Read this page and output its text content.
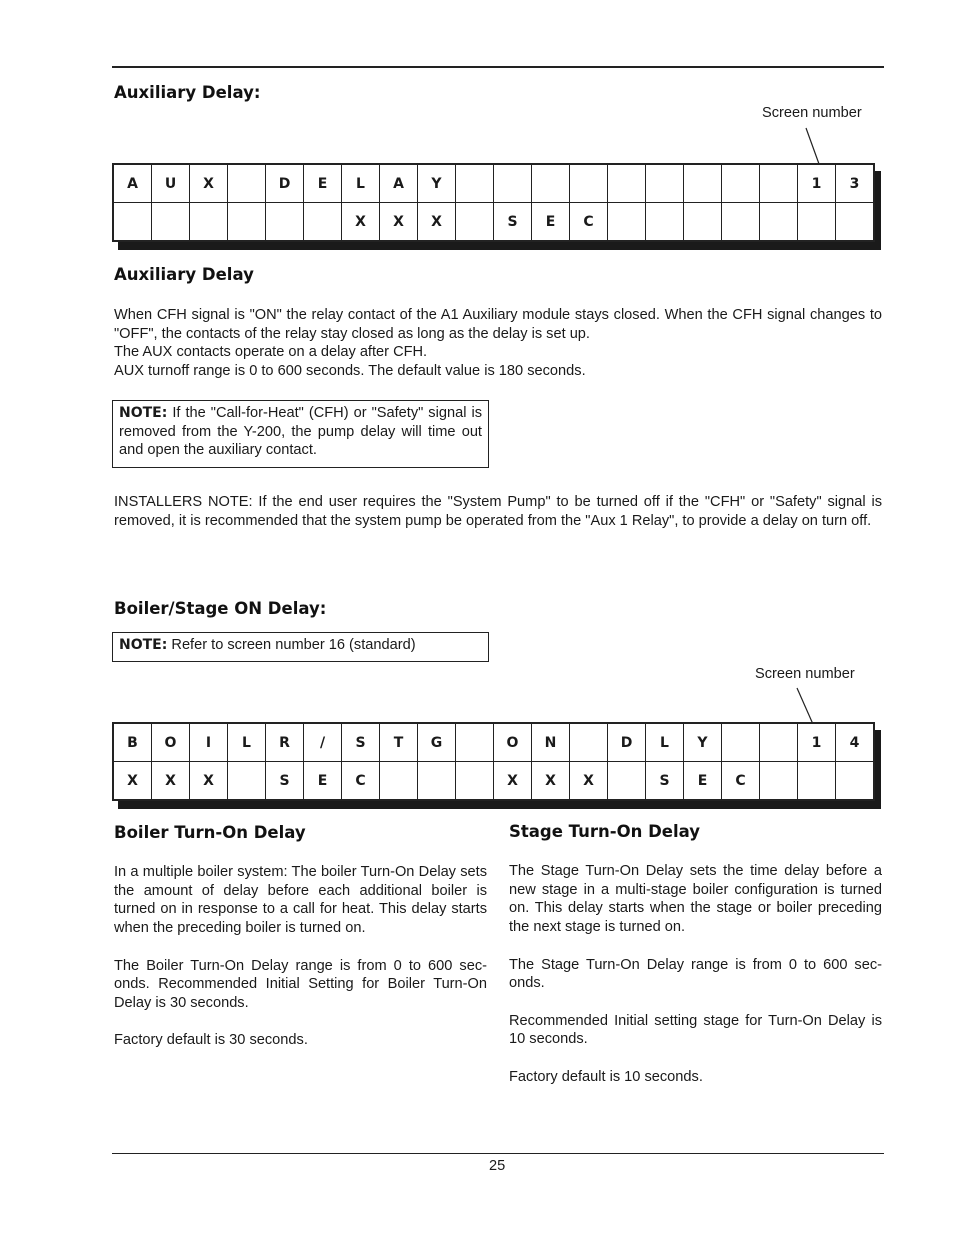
Auxiliary Delay:
Screen number
A	U	X		D	E	L	A	Y										1	3
						X	X	X		S	E	C							
Auxiliary Delay

When CFH signal is "ON" the relay contact of the A1 Auxiliary module stays closed. When the CFH signal changes to "OFF", the contacts of the relay stay closed as long as the delay is set up.

The AUX contacts operate on a delay after CFH.

AUX turnoff range is 0 to 600 seconds. The default value is 180 seconds.

NOTE: If the "Call-for-Heat" (CFH) or "Safety" signal is removed from the Y-200, the pump delay will time out and open the auxiliary contact.
INSTALLERS NOTE: If the end user requires the "System Pump" to be turned off if the "CFH" or "Safety" signal is removed, it is recommended that the system pump be operated from the "Aux 1 Relay", to provide a delay on turn off.
Boiler/Stage ON Delay:
NOTE: Refer to screen number 16 (standard)
Screen number
B	O	I	L	R	/	S	T	G		O	N		D	L	Y			1	4
X	X	X		S	E	C				X	X	X		S	E	C			
Boiler Turn-On Delay

In a multiple boiler system: The boiler Turn-On Delay sets the amount of delay before each additional boiler is turned on in response to a call for heat. This delay starts when the preceding boiler is turned on.

The Boiler Turn-On Delay range is from 0 to 600 sec-onds. Recommended Initial Setting for Boiler Turn-On Delay is 30 seconds.

Factory default is 30 seconds.

Stage Turn-On Delay

The Stage Turn-On Delay sets the time delay before a new stage in a multi-stage boiler configuration is turned on. This delay starts when the stage or boiler preceding the next stage is turned on.

The Stage Turn-On Delay range is from 0 to 600 sec-onds.

Recommended Initial setting stage for Turn-On Delay is 10 seconds.

Factory default is 10 seconds.

25
